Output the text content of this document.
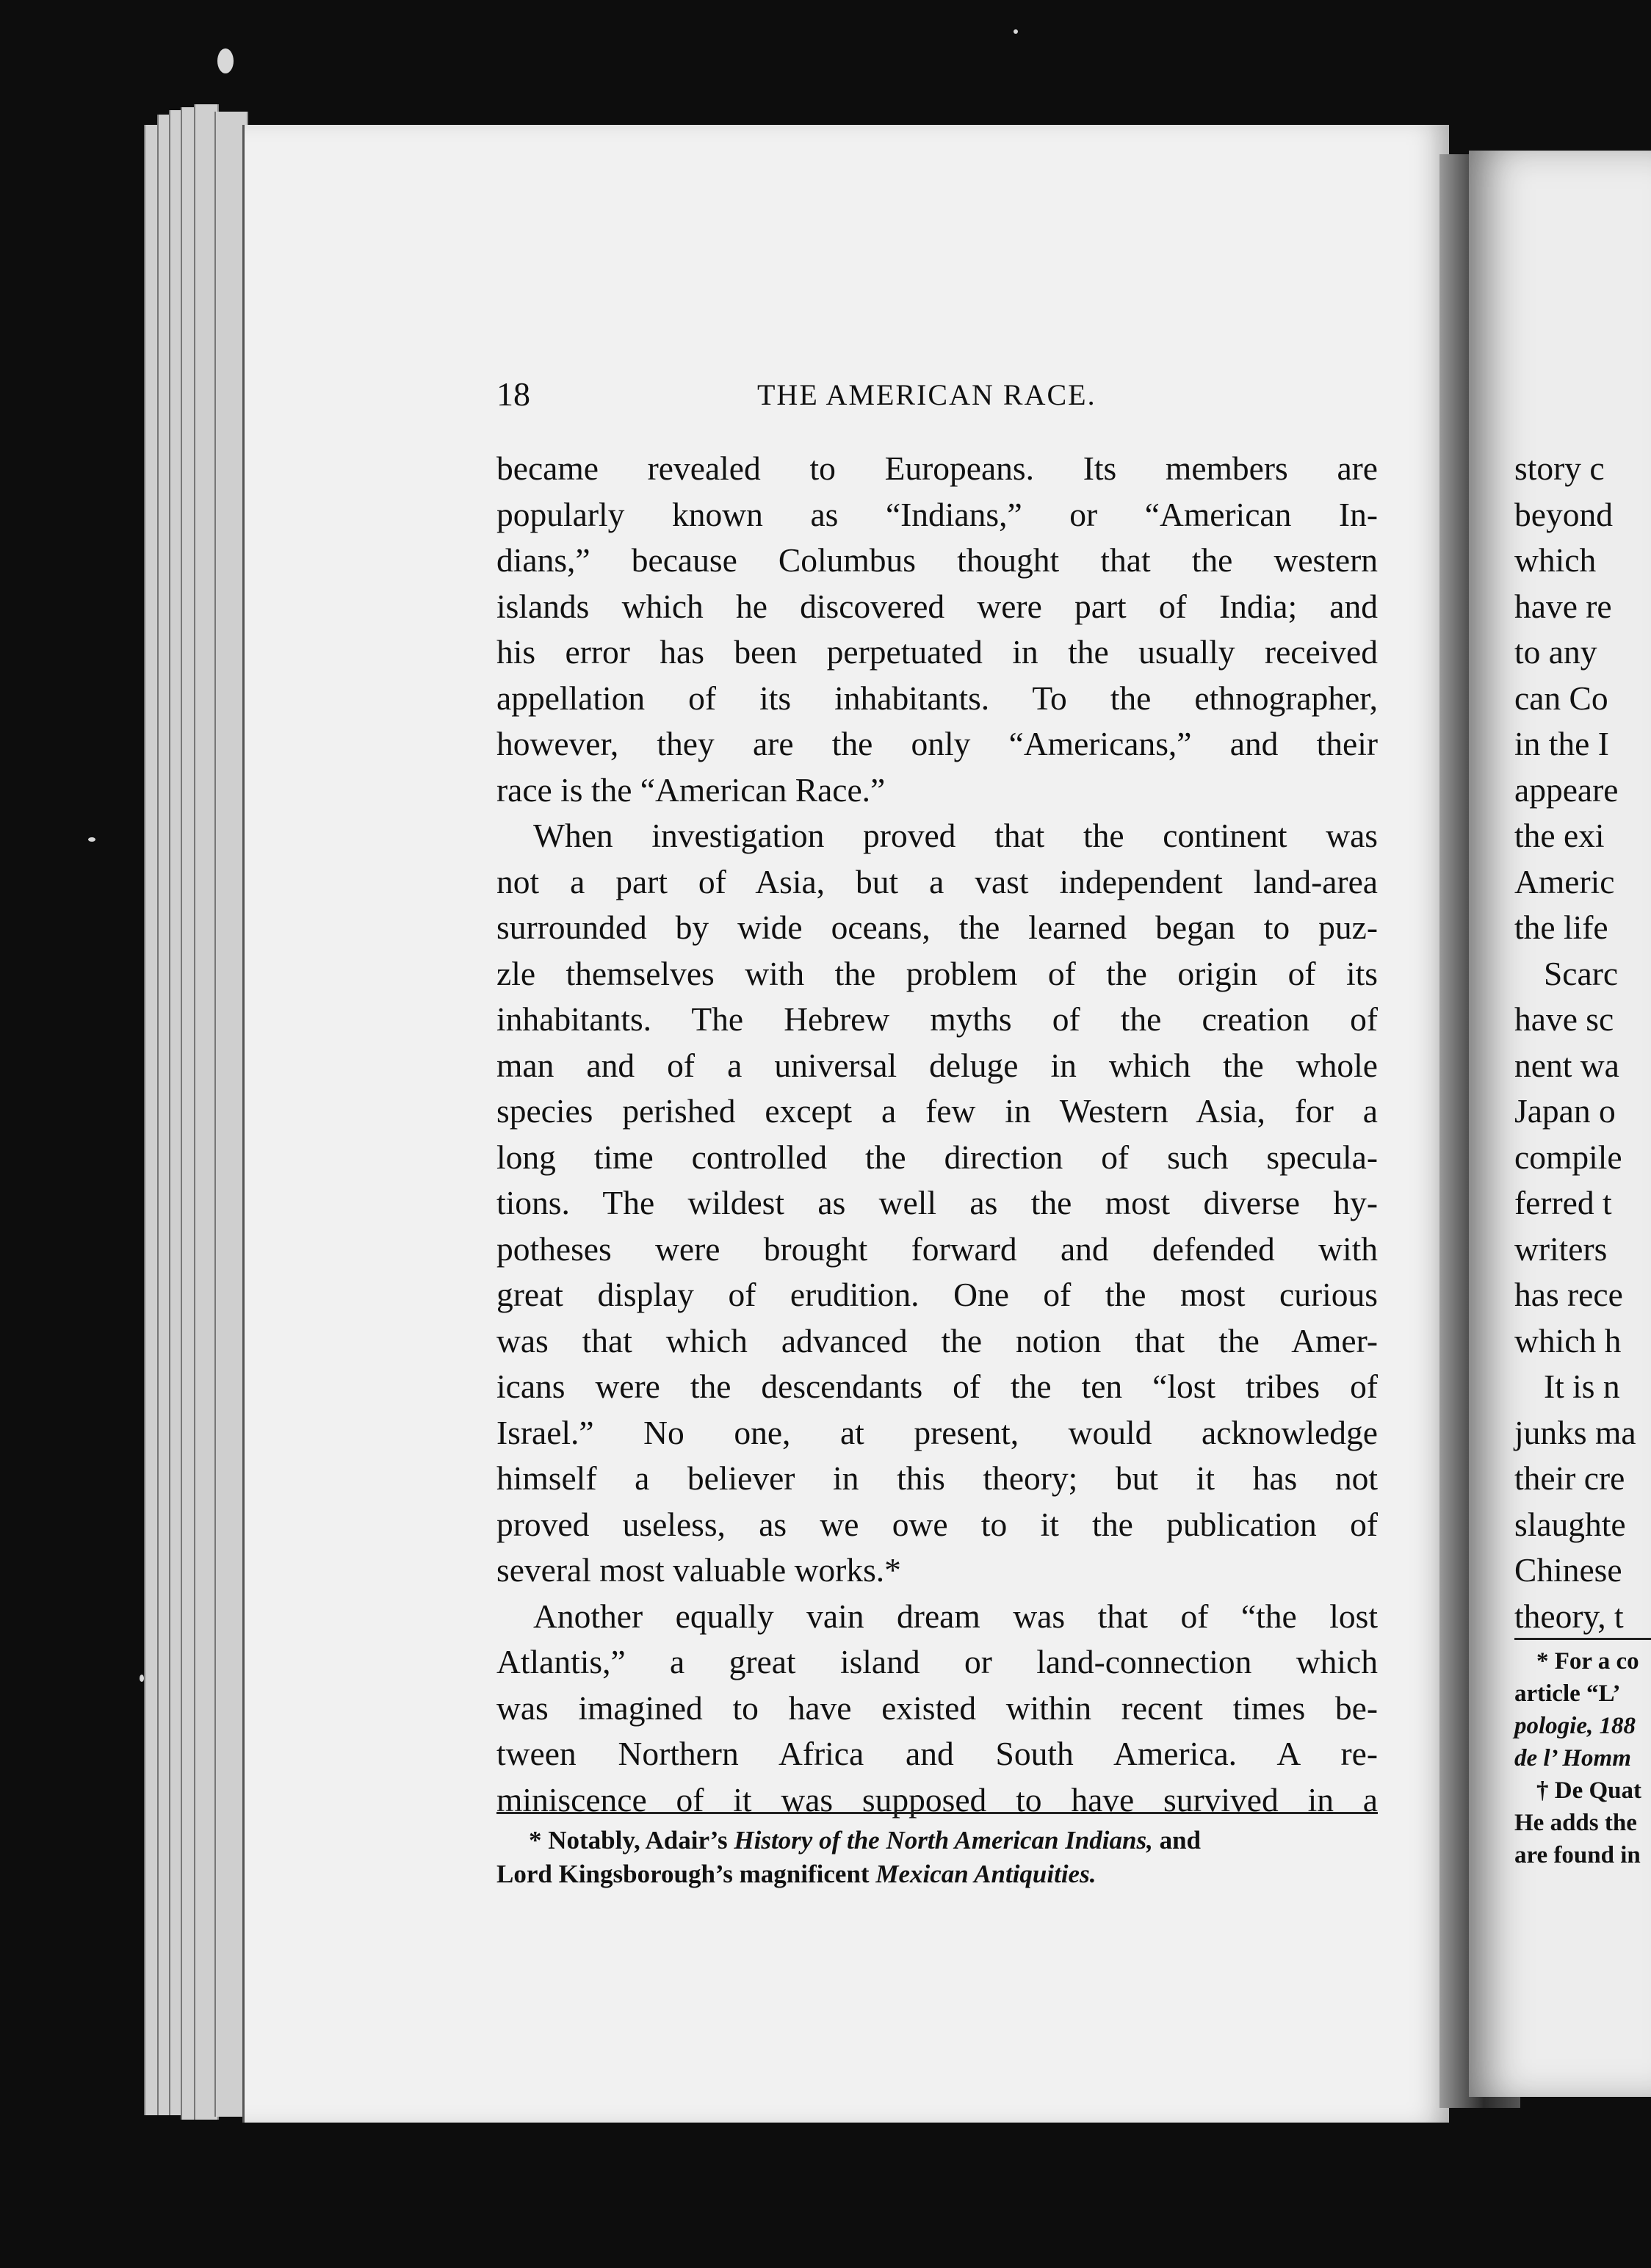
18	THE AMERICAN RACE.
became revealed to Europeans. Its members are
popularly known as “Indians,” or “American In-
dians,” because Columbus thought that the western
islands which he discovered were part of India; and
his error has been perpetuated in the usually received
appellation of its inhabitants. To the ethnographer,
however, they are the only “Americans,” and their
race is the “American Race.”
When investigation proved that the continent was
not a part of Asia, but a vast independent land-area
surrounded by wide oceans, the learned began to puz-
zle themselves with the problem of the origin of its
inhabitants. The Hebrew myths of the creation of
man and of a universal deluge in which the whole
species perished except a few in Western Asia, for a
long time controlled the direction of such specula-
tions. The wildest as well as the most diverse hy-
potheses were brought forward and defended with
great display of erudition. One of the most curious
was that which advanced the notion that the Amer-
icans were the descendants of the ten “lost tribes of
Israel.” No one, at present, would acknowledge
himself a believer in this theory; but it has not
proved useless, as we owe to it the publication of
several most valuable works.*
Another equally vain dream was that of “the lost
Atlantis,” a great island or land-connection which
was imagined to have existed within recent times be-
tween Northern Africa and South America. A re-
miniscence of it was supposed to have survived in a
* Notably, Adair’s History of the North American Indians, and
Lord Kingsborough’s magnificent Mexican Antiquities.
story c
beyond
which
have re
to any
can Co
in the I
appeare
the exi
Americ
the life
Scarc
have sc
nent wa
Japan o
compile
ferred t
writers
has rece
which h
It is n
junks ma
their cre
slaughte
Chinese
theory, t
* For a co
article “L’
pologie, 188
de l’ Homm
† De Quat
He adds the
are found in
